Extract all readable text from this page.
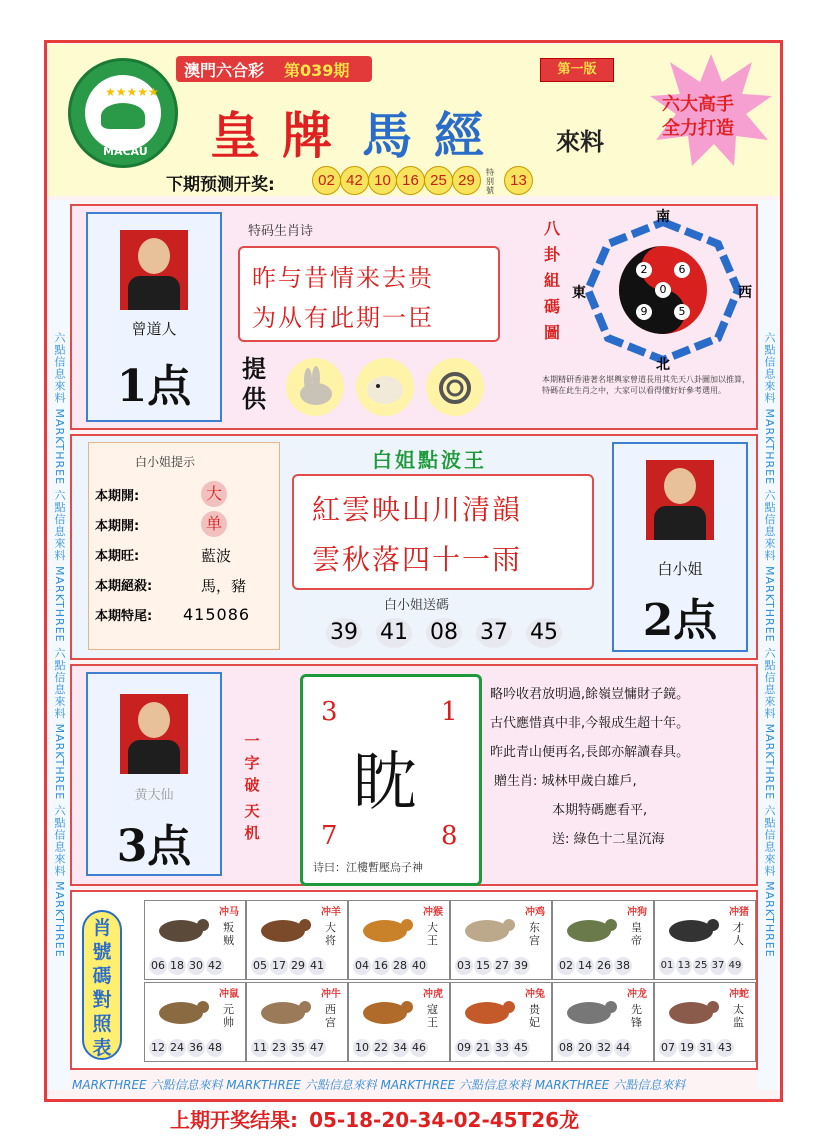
★★★★★
MACAU
澳門六合彩 第039期	第一版
皇 牌 馬 經	來料
六大高手
全力打造
下期预测开奖:	02 42 10 16 25 29	特别號
13
六點信息來料 MARKTHREE 六點信息來料 MARKTHREE 六點信息來料 MARKTHREE 六點信息來料 MARKTHREE	六點信息來料 MARKTHREE 六點信息來料 MARKTHREE 六點信息來料 MARKTHREE 六點信息來料 MARKTHREE
曾道人
1点
特码生肖诗
昨与昔情来去贵
为从有此期一臣
提
供
八
卦
組
碼
圖
南
北
東	西
2	6
0
9	5
本期精研香港著名堪輿家曾道長用其先天八卦圖加以推算，特碼在此生肖之中，大家可以看得懂好好參考選用。
白小姐提示
本期開:	大
本期開:	单
本期旺:	藍波
本期絕殺:	馬，豬
本期特尾: 415086
白姐點波王
紅雲映山川清韻
雲秋落四十一雨
白小姐送碼
39 41 08 37 45
白小姐
2点
黄大仙
3点
一
字
破
天
机
3	1
眈
7	8
诗曰：江樓暫壓烏子神
略吟收君放明過,餘嶺豈慵財子鏡。
古代應惜真中非,今報成生超十年。
昨此青山便再名,長郎亦解讀春具。
贈生肖: 城林甲歲白雄戶,
本期特碼應看平,
送: 綠色十二星沉海
肖
號
碼
對
照
表
冲马
叛贼
06 18 30 42
冲羊
大将
05 17 29 41
冲猴
大王
04 16 28 40
冲鸡
东宫
03 15 27 39
冲狗
皇帝
02 14 26 38
冲猪
才人
01 13 25 37 49
冲鼠
元帅
12 24 36 48
冲牛
西宫
11 23 35 47
冲虎
寇王
10 22 34 46
冲兔
贵妃
09 21 33 45
冲龙
先锋
08 20 32 44
冲蛇
太监
07 19 31 43
MARKTHREE 六點信息來料 MARKTHREE 六點信息來料 MARKTHREE 六點信息來料 MARKTHREE 六點信息來料
上期开奖结果: 05-18-20-34-02-45T26龙
